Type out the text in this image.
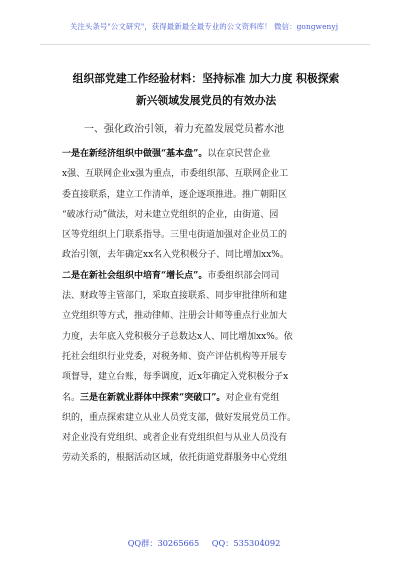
关注头条号"公文研究"，获得最新最全最专业的公文资料库！ 微信：gongwenyj
组织部党建工作经验材料：坚持标准 加大力度 积极探索
新兴领域发展党员的有效办法
一、强化政治引领，着力充盈发展党员蓄水池
一是在新经济组织中做强“基本盘”。以在京民营企业
x强、互联网企业x强为重点，市委组织部、互联网企业工
委直接联系，建立工作清单，逐企逐项推进。推广朝阳区
“破冰行动”做法，对未建立党组织的企业，由街道、园
区等党组织上门联系指导。三里屯街道加强对企业员工的
政治引领，去年确定xx名入党积极分子、同比增加xx%。
二是在新社会组织中培育“增长点”。市委组织部会同司
法、财政等主管部门，采取直接联系、同步审批律所和建
立党组织等方式，推动律师、注册会计师等重点行业加大
力度，去年底入党积极分子总数达x人、同比增加xx%。依
托社会组织行业党委，对税务师、资产评估机构等开展专
项督导，建立台账，每季调度，近x年确定入党积极分子x
名。三是在新就业群体中探索“突破口”。对企业有党组
织的，重点探索建立从业人员党支部，做好发展党员工作。
对企业没有党组织、或者企业有党组织但与从业人员没有
劳动关系的，根据活动区域，依托街道党群服务中心党组
QQ群：30265665 QQ：535304092
